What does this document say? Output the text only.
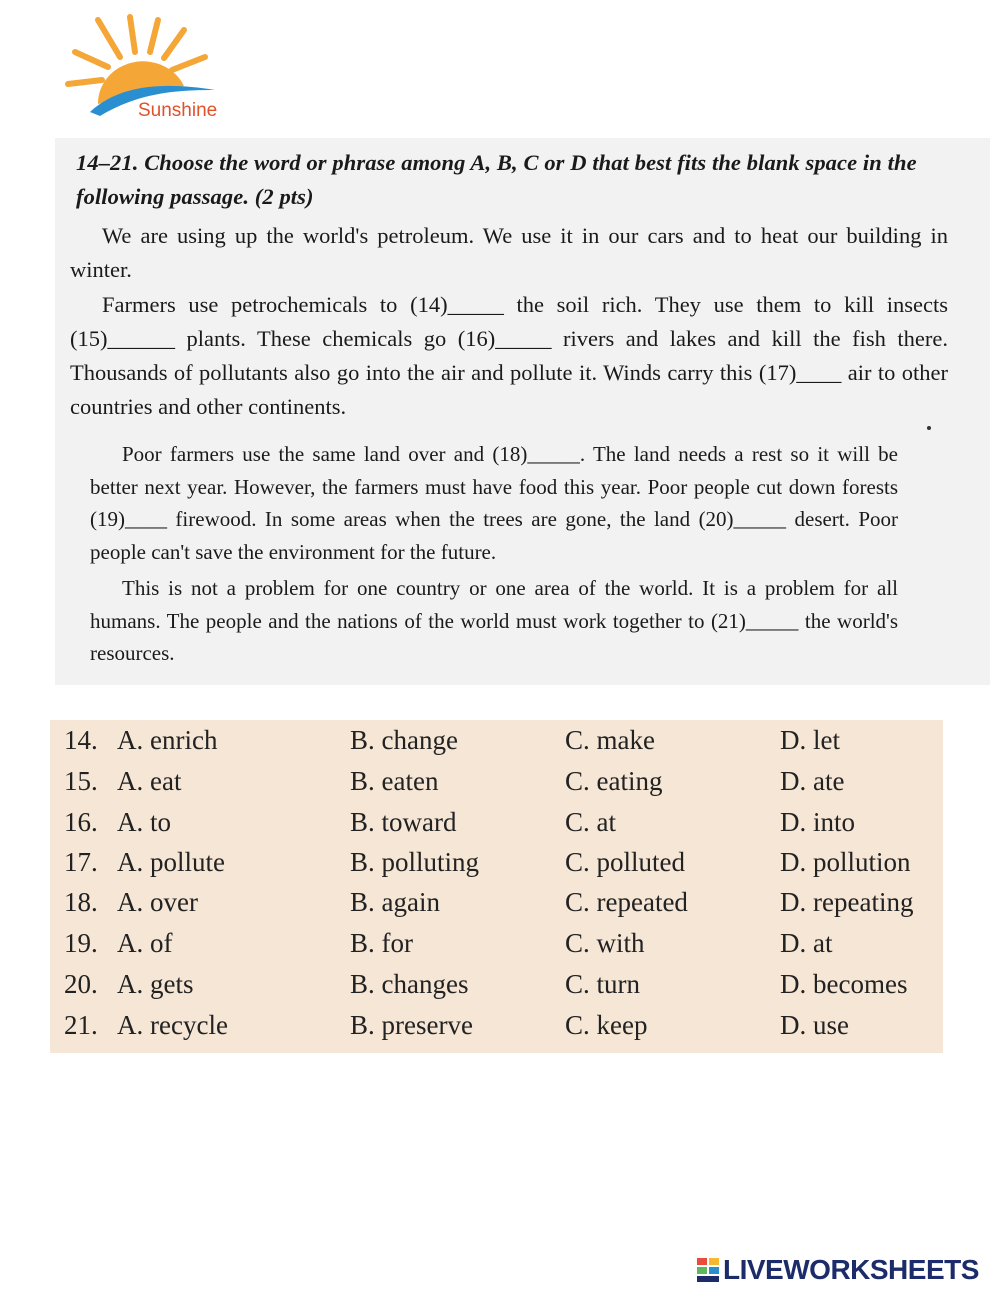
Sunshine
14–21. Choose the word or phrase among A, B, C or D that best fits the blank space in the following passage. (2 pts)
We are using up the world's petroleum. We use it in our cars and to heat our building in winter.
Farmers use petrochemicals to (14)_____ the soil rich. They use them to kill insects (15)______ plants. These chemicals go (16)_____ rivers and lakes and kill the fish there. Thousands of pollutants also go into the air and pollute it. Winds carry this (17)____ air to other countries and other continents.
Poor farmers use the same land over and (18)_____. The land needs a rest so it will be better next year. However, the farmers must have food this year. Poor people cut down forests (19)____ firewood. In some areas when the trees are gone, the land (20)_____ desert. Poor people can't save the environment for the future.
This is not a problem for one country or one area of the world. It is a problem for all humans. The people and the nations of the world must work together to (21)_____ the world's resources.
14. A. enrich	B. change	C. make	D. let
15. A. eat	B. eaten	C. eating	D. ate
16. A. to	B. toward	C. at	D. into
17. A. pollute	B. polluting	C. polluted	D. pollution
18. A. over	B. again	C. repeated	D. repeating
19. A. of	B. for	C. with	D. at
20. A. gets	B. changes	C. turn	D. becomes
21. A. recycle	B. preserve	C. keep	D. use
LIVEWORKSHEETS
